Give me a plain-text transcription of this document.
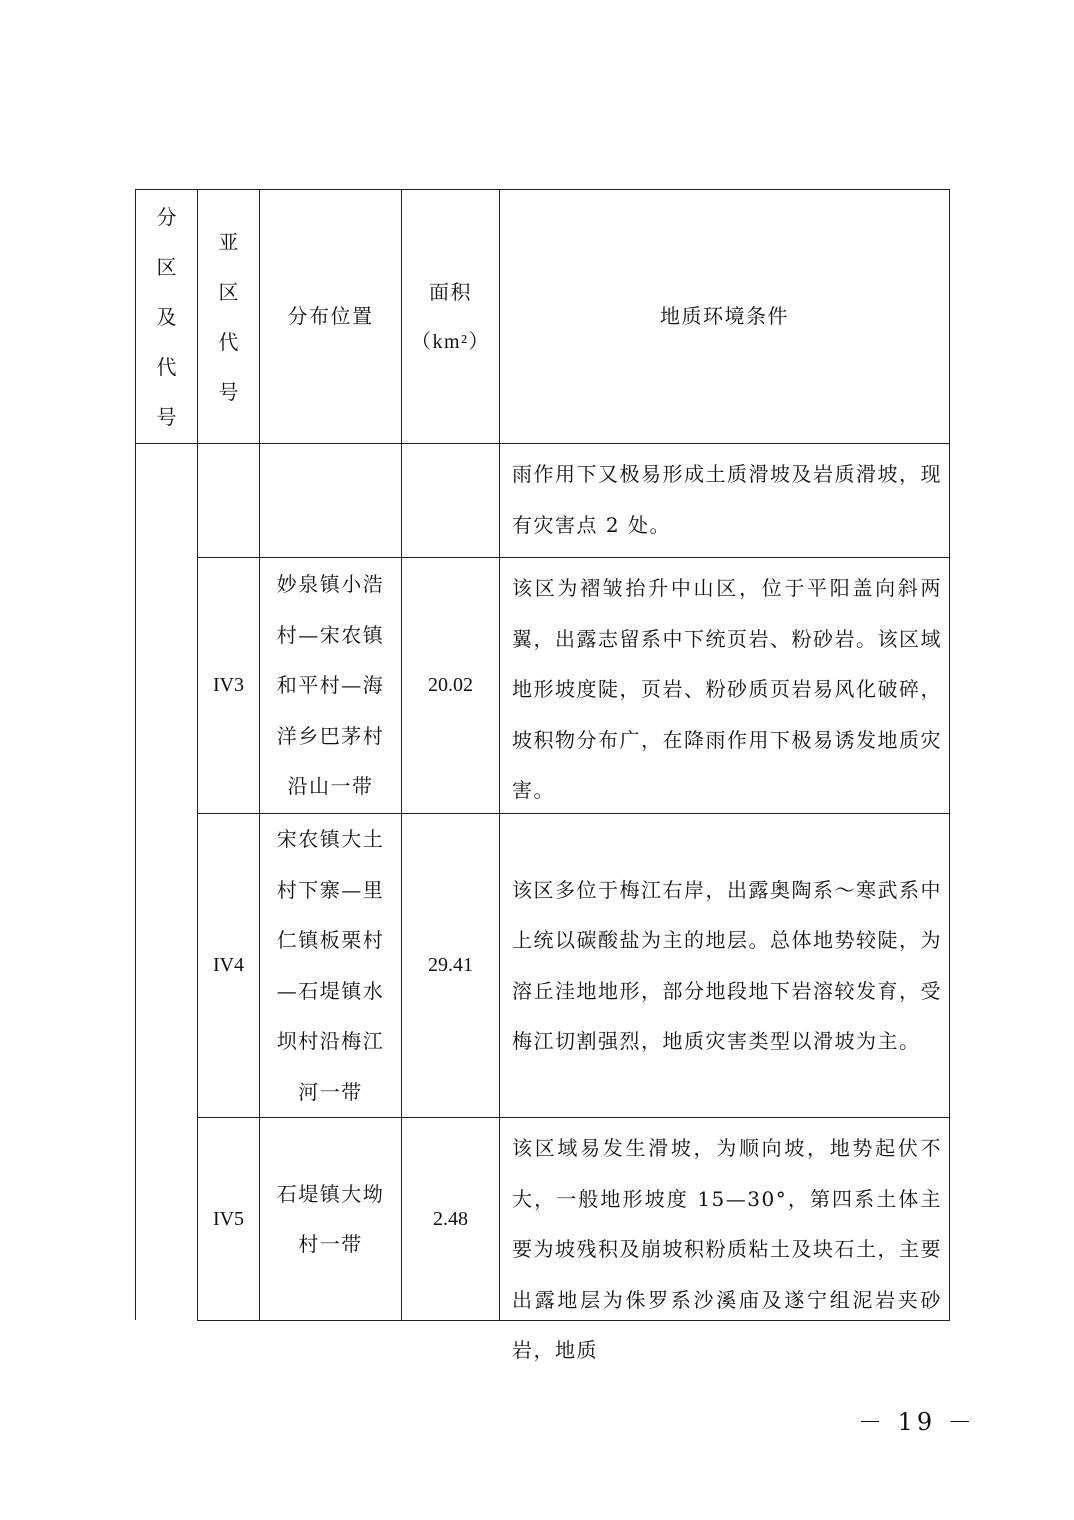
分区及代号
亚区代号
分布位置
面积
（km²）
地质环境条件
雨作用下又极易形成土质滑坡及岩质滑坡，现有灾害点 2 处。
IV3
妙泉镇小浩村—宋农镇和平村—海洋乡巴茅村沿山一带
20.02
该区为褶皱抬升中山区，位于平阳盖向斜两翼，出露志留系中下统页岩、粉砂岩。该区域地形坡度陡，页岩、粉砂质页岩易风化破碎，坡积物分布广，在降雨作用下极易诱发地质灾害。
IV4
宋农镇大土村下寨—里仁镇板栗村—石堤镇水坝村沿梅江河一带
29.41
该区多位于梅江右岸，出露奥陶系～寒武系中上统以碳酸盐为主的地层。总体地势较陡，为溶丘洼地地形，部分地段地下岩溶较发育，受梅江切割强烈，地质灾害类型以滑坡为主。
IV5
石堤镇大坳村一带
2.48
该区域易发生滑坡，为顺向坡，地势起伏不大，一般地形坡度 15—30°，第四系土体主要为坡残积及崩坡积粉质粘土及块石土，主要出露地层为侏罗系沙溪庙及遂宁组泥岩夹砂岩，地质
－ 19 －
